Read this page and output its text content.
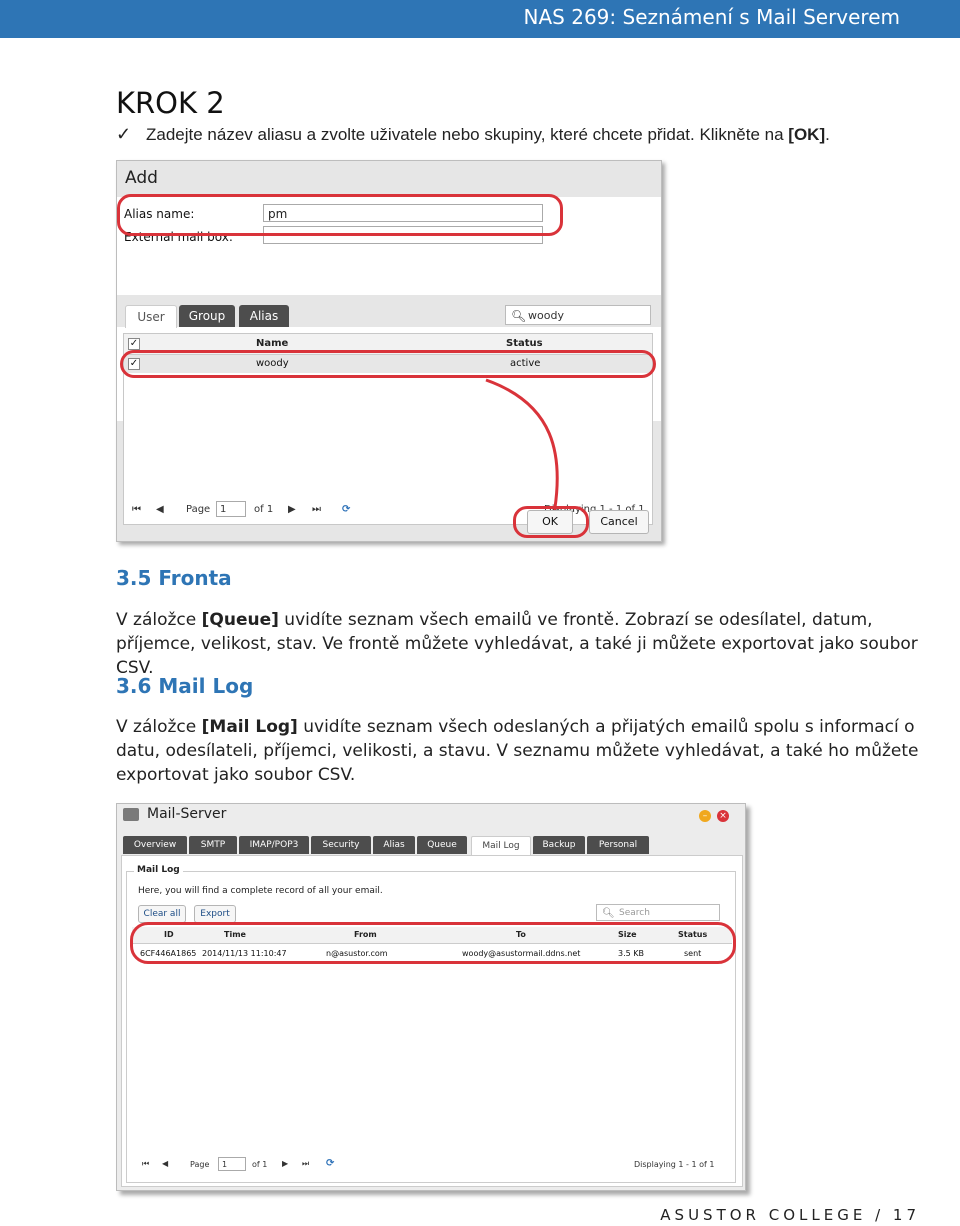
NAS 269: Seznámení s Mail Serverem
KROK 2
✓ Zadejte název aliasu a zvolte uživatele nebo skupiny, které chcete přidat. Klikněte na [OK].
Add
Alias name:	pm
External mail box:
User	Group	Alias	🔍︎ woody
✓	Name	Status
✓	woody	active
⏮ ◀ Page 1	of 1 ▶ ⏭ ⟳
OK	Cancel
3.5 Fronta
V záložce [Queue] uvidíte seznam všech emailů ve frontě. Zobrazí se odesílatel, datum, příjemce, velikost, stav. Ve frontě můžete vyhledávat, a také ji můžete exportovat jako soubor CSV.
3.6 Mail Log
V záložce [Mail Log] uvidíte seznam všech odeslaných a přijatých emailů spolu s informací o datu, odesílateli, příjemci, velikosti, a stavu. V seznamu můžete vyhledávat, a také ho můžete exportovat jako soubor CSV.
Mail-Server	–	×
Overview	SMTP	IMAP/POP3	Security	Alias	Queue	Mail Log	Backup	Personal
Mail Log
Here, you will find a complete record of all your email.
Clear all	Export	🔍︎ Search
ID	Time	From	To	Size	Status
6CF446A1865 2014/11/13 11:10:47	n@asustor.com	woody@asustormail.ddns.net	3.5 KB	sent
⏮ ◀	Page	1	of 1 ▶ ⏭ ⟳	Displaying 1 - 1 of 1
ASUSTOR COLLEGE / 17
